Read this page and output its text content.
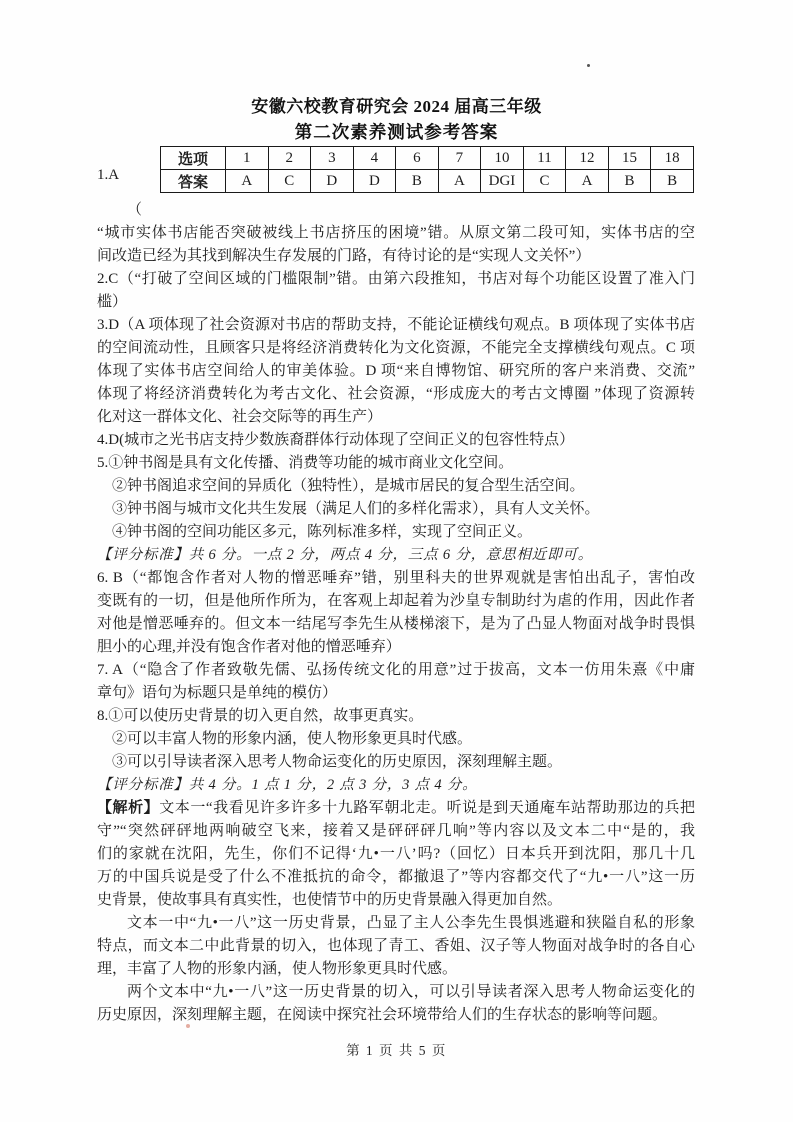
安徽六校教育研究会 2024 届高三年级
第二次素养测试参考答案
1.A
选项	1	2	3	4	6	7	10	11	12	15	18
答案	A	C	D	D	B	A	DGI	C	A	B	B
（
“城市实体书店能否突破被线上书店挤压的困境”错。从原文第二段可知，实体书店的空
间改造已经为其找到解决生存发展的门路，有待讨论的是“实现人文关怀”）
2.C（“打破了空间区域的门槛限制”错。由第六段推知，书店对每个功能区设置了准入门
槛）
3.D（A 项体现了社会资源对书店的帮助支持，不能论证横线句观点。B 项体现了实体书店
的空间流动性，且顾客只是将经济消费转化为文化资源，不能完全支撑横线句观点。C 项
体现了实体书店空间给人的审美体验。D 项“来自博物馆、研究所的客户来消费、交流”
体现了将经济消费转化为考古文化、社会资源，“形成庞大的考古文博圈 ”体现了资源转
化对这一群体文化、社会交际等的再生产）
4.D(城市之光书店支持少数族裔群体行动体现了空间正义的包容性特点）
5.①钟书阁是具有文化传播、消费等功能的城市商业文化空间。
②钟书阁追求空间的异质化（独特性），是城市居民的复合型生活空间。
③钟书阁与城市文化共生发展（满足人们的多样化需求），具有人文关怀。
④钟书阁的空间功能区多元，陈列标准多样，实现了空间正义。
【评分标准】共 6 分。一点 2 分，两点 4 分，三点 6 分，意思相近即可。
6. B（“都饱含作者对人物的憎恶唾弃”错，别里科夫的世界观就是害怕出乱子，害怕改
变既有的一切，但是他所作所为，在客观上却起着为沙皇专制助纣为虐的作用，因此作者
对他是憎恶唾弃的。但文本一结尾写李先生从楼梯滚下，是为了凸显人物面对战争时畏惧
胆小的心理,并没有饱含作者对他的憎恶唾弃）
7. A（“隐含了作者致敬先儒、弘扬传统文化的用意”过于拔高，文本一仿用朱熹《中庸
章句》语句为标题只是单纯的模仿）
8.①可以使历史背景的切入更自然，故事更真实。
②可以丰富人物的形象内涵，使人物形象更具时代感。
③可以引导读者深入思考人物命运变化的历史原因，深刻理解主题。
【评分标准】共 4 分。1 点 1 分，2 点 3 分，3 点 4 分。
【解析】文本一“我看见许多许多十九路军朝北走。听说是到天通庵车站帮助那边的兵把
守”“突然砰砰地两响破空飞来，接着又是砰砰砰几响”等内容以及文本二中“是的，我
们的家就在沈阳，先生，你们不记得‘九•一八’吗?（回忆）日本兵开到沈阳，那几十几
万的中国兵说是受了什么不准抵抗的命令，都撤退了”等内容都交代了“九•一八”这一历
史背景，使故事具有真实性，也使情节中的历史背景融入得更加自然。
文本一中“九•一八”这一历史背景，凸显了主人公李先生畏惧逃避和狭隘自私的形象
特点，而文本二中此背景的切入，也体现了青工、香姐、汉子等人物面对战争时的各自心
理，丰富了人物的形象内涵，使人物形象更具时代感。
两个文本中“九•一八”这一历史背景的切入，可以引导读者深入思考人物命运变化的
历史原因，深刻理解主题，在阅读中探究社会环境带给人们的生存状态的影响等问题。
第 1 页 共 5 页
